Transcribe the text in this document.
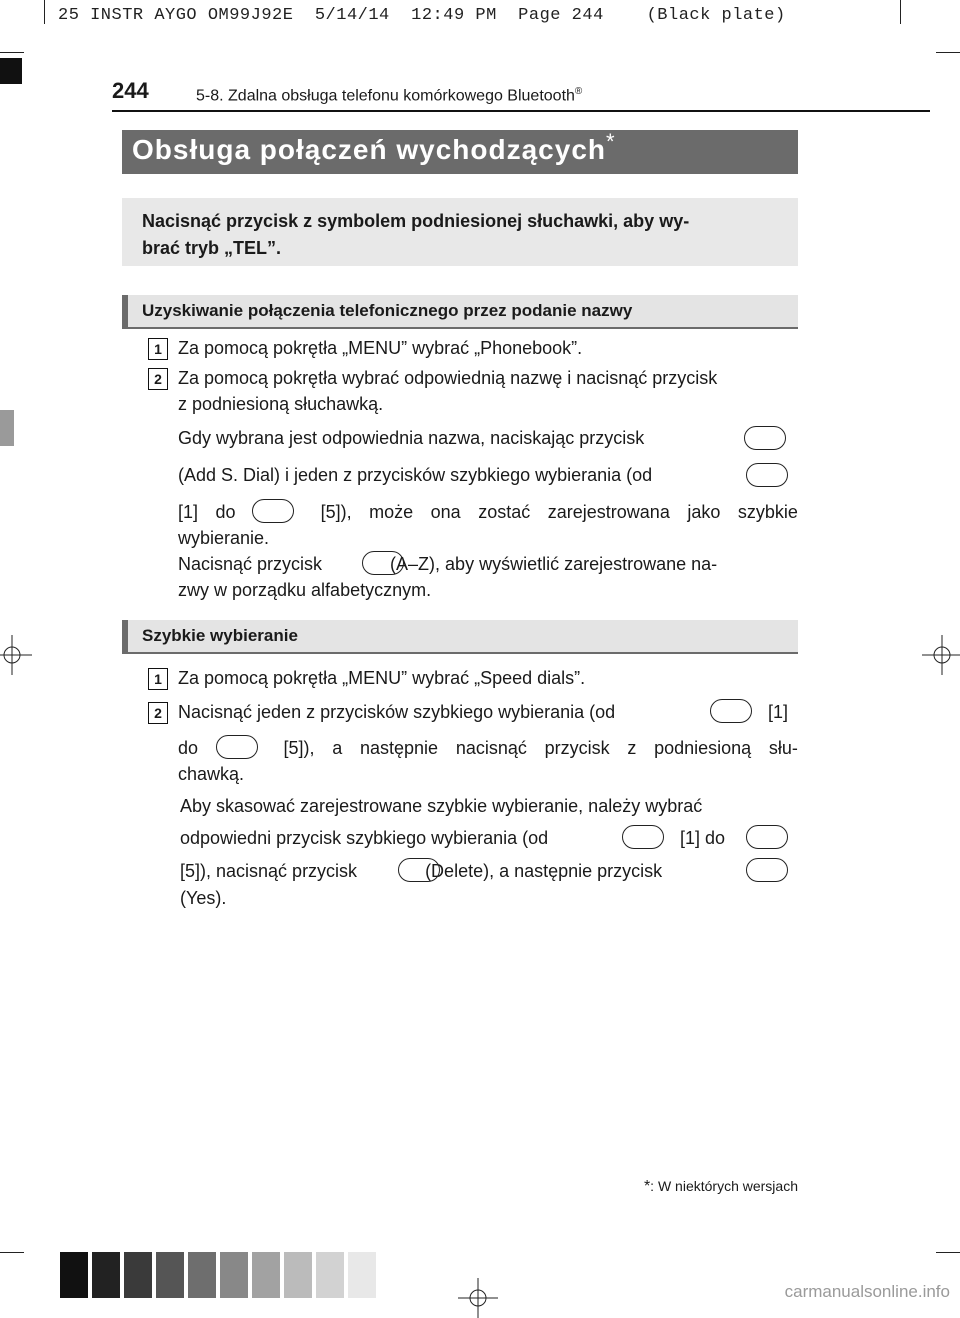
25 INSTR AYGO OM99J92E  5/14/14  12:49 PM  Page 244    (Black plate)
244	5-8. Zdalna obsługa telefonu komórkowego Bluetooth®
Obsługa połączeń wychodzących*
Nacisnąć przycisk z symbolem podniesionej słuchawki, aby wy-
brać tryb „TEL”.
Uzyskiwanie połączenia telefonicznego przez podanie nazwy
1 Za pomocą pokrętła „MENU” wybrać „Phonebook”.
2 Za pomocą pokrętła wybrać odpowiednią nazwę i nacisnąć przycisk
z podniesioną słuchawką.
Gdy wybrana jest odpowiednia nazwa, naciskając przycisk
(Add S. Dial) i jeden z przycisków szybkiego wybierania (od
[1] do	[5]), może ona zostać zarejestrowana jako szybkie
wybieranie.
Nacisnąć przycisk	(A–Z), aby wyświetlić zarejestrowane na-
zwy w porządku alfabetycznym.
Szybkie wybieranie
1 Za pomocą pokrętła „MENU” wybrać „Speed dials”.
2 Nacisnąć jeden z przycisków szybkiego wybierania (od	[1]
do	[5]), a następnie nacisnąć przycisk z podniesioną słu-
chawką.
Aby skasować zarejestrowane szybkie wybieranie, należy wybrać
odpowiedni przycisk szybkiego wybierania (od	[1] do
[5]), nacisnąć przycisk	(Delete), a następnie przycisk
(Yes).
*: W niektórych wersjach
carmanualsonline.info
